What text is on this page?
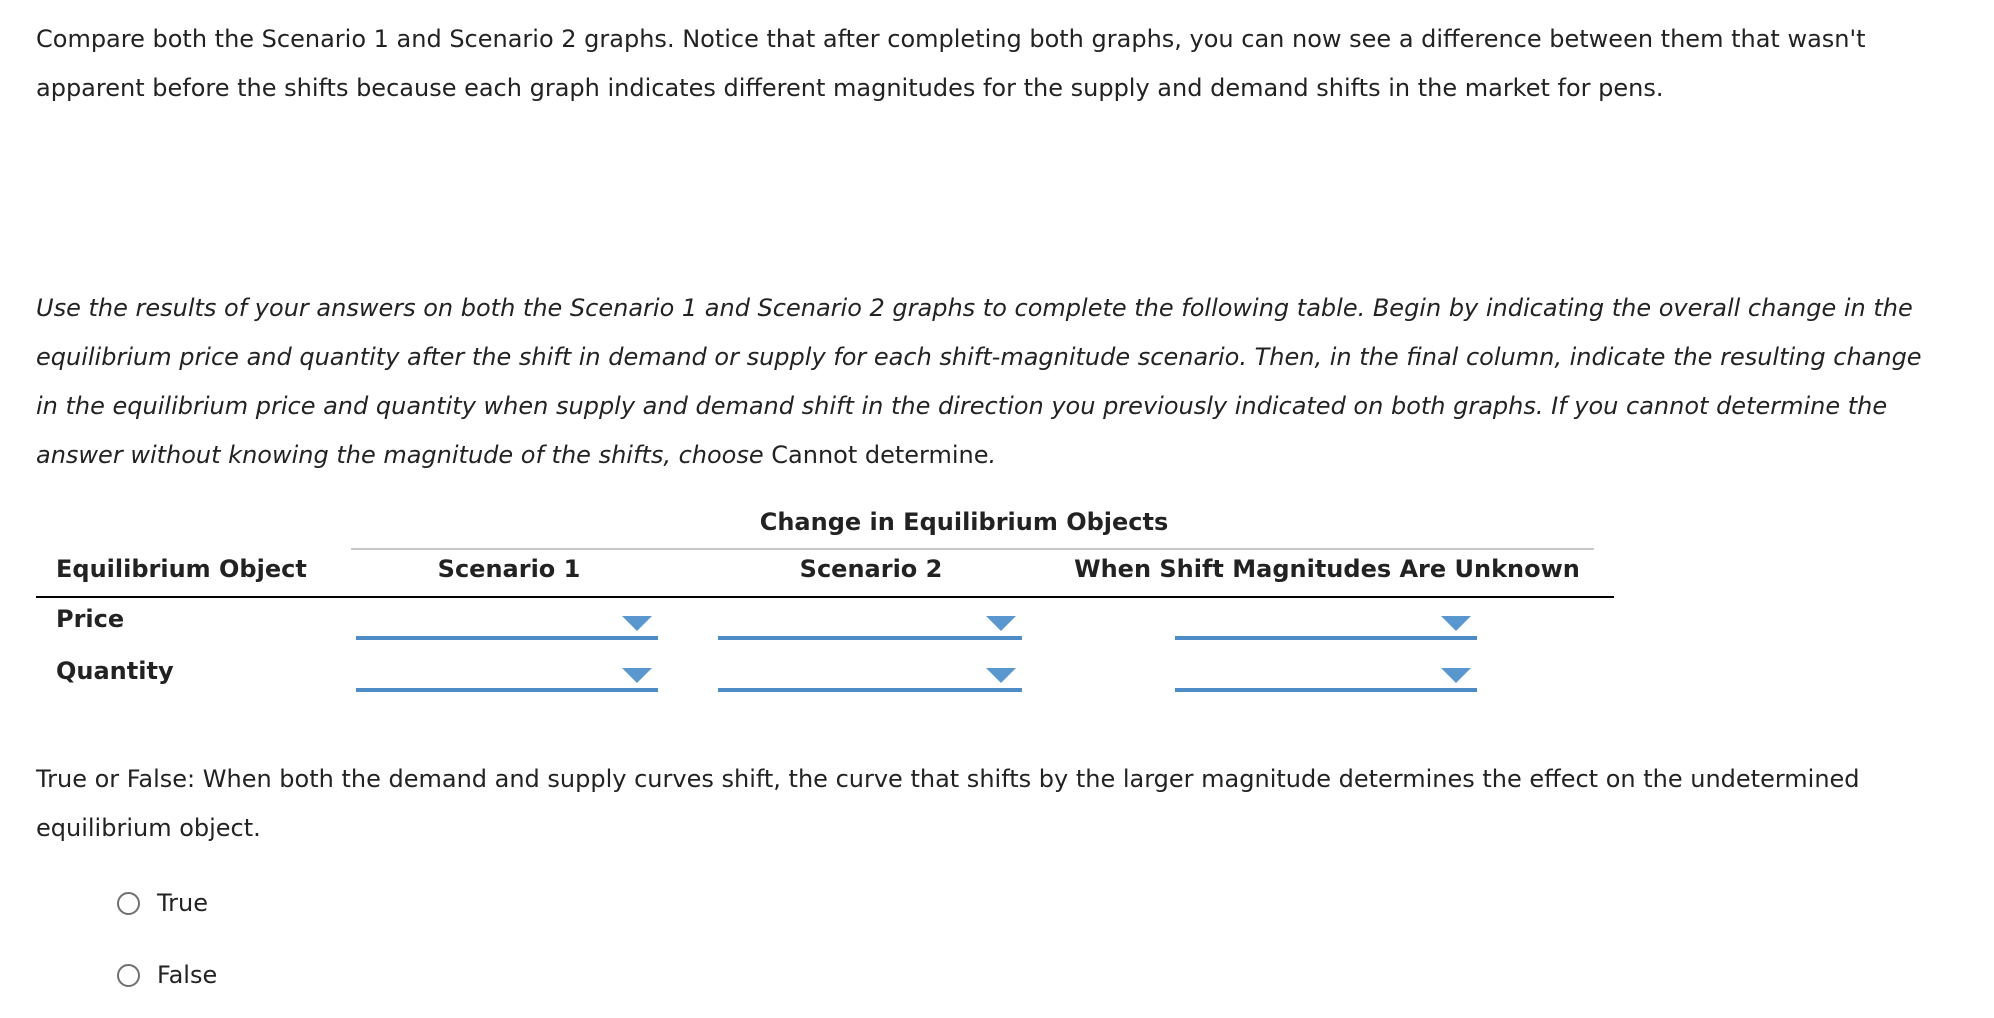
Compare both the Scenario 1 and Scenario 2 graphs. Notice that after completing both graphs, you can now see a difference between them that wasn't apparent before the shifts because each graph indicates different magnitudes for the supply and demand shifts in the market for pens.

Use the results of your answers on both the Scenario 1 and Scenario 2 graphs to complete the following table. Begin by indicating the overall change in the equilibrium price and quantity after the shift in demand or supply for each shift-magnitude scenario. Then, in the final column, indicate the resulting change in the equilibrium price and quantity when supply and demand shift in the direction you previously indicated on both graphs. If you cannot determine the answer without knowing the magnitude of the shifts, choose Cannot determine.

Change in Equilibrium Objects
Equilibrium Object	Scenario 1	Scenario 2	When Shift Magnitudes Are Unknown
Price
Quantity

True or False: When both the demand and supply curves shift, the curve that shifts by the larger magnitude determines the effect on the undetermined equilibrium object.

True
False
